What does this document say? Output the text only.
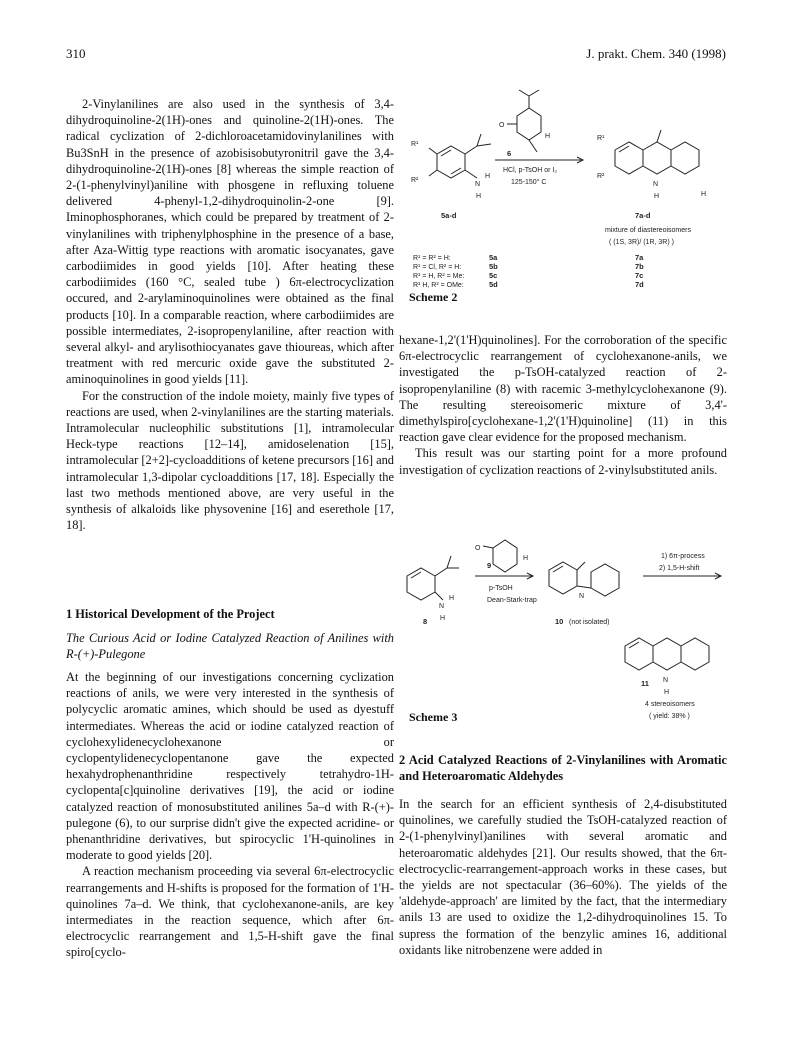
310	J. prakt. Chem. 340 (1998)

2-Vinylanilines are also used in the synthesis of 3,4-dihydroquinoline-2(1H)-ones and quinoline-2(1H)-ones. The radical cyclization of 2-dichloroacetamidovinylanilines with Bu3SnH in the presence of azobisisobutyronitril gave the 3,4-dihydroquinoline-2(1H)-ones [8] whereas the simple reaction of 2-(1-phenylvinyl)aniline with phosgene in refluxing toluene delivered 4-phenyl-1,2-dihydroquinolin-2-one [9]. Iminophosphoranes, which could be prepared by treatment of 2-vinylanilines with triphenylphosphine in the presence of a base, after Aza-Wittig type reactions with aromatic isocyanates, gave carbodiimides in good yields [10]. After heating these carbodiimides (160 °C, sealed tube ) 6π-electrocyclization occured, and 2-arylaminoquinolines were obtained as the final products [10]. In a comparable reaction, where carbodiimides are possible intermediates, 2-isopropenylaniline, after reaction with several alkyl- and arylisothiocyanates gave thioureas, which after treatment with red mercuric oxide gave the substituted 2-aminoquinolines in good yields [11].

For the construction of the indole moiety, mainly five types of reactions are used, when 2-vinylanilines are the starting materials. Intramolecular nucleophilic substitutions [1], intramolecular Heck-type reactions [12–14], amidoselenation [15], intramolecular [2+2]-cycloadditions of ketene precursors [16] and intramolecular 1,3-dipolar cycloadditions [17, 18]. Especially the last two methods mentioned above, are very useful in the synthesis of alkaloids like physovenine [16] and eserethole [17, 18].

1 Historical Development of the Project

The Curious Acid or Iodine Catalyzed Reaction of Anilines with R-(+)-Pulegone

At the beginning of our investigations concerning cyclization reactions of anils, we were very interested in the synthesis of polycyclic aromatic amines, which should be used as dyestuff intermediates. Whereas the acid or iodine catalyzed reaction of cyclohexylidenecyclohexanone or cyclopentylidenecyclopentanone gave the expected hexahydrophenanthridine respectively tetrahydro-1H-cyclopenta[c]quinoline derivatives [19], the acid or iodine catalyzed reaction of monosubstituted anilines 5a–d with R-(+)-pulegone (6), to our surprise didn't give the expected acridine- or phenanthridine derivatives, but spirocyclic 1'H-quinolines in moderate to good yields [20].

A reaction mechanism proceeding via several 6π-electrocyclic rearrangements and H-shifts is proposed for the formation of 1'H-quinolines 7a–d. We think, that cyclohexanone-anils, are key intermediates in the reaction sequence, which after 6π-electrocyclic rearrangement and 1,5-H-shift gave the final spiro[cyclo-

R¹
R²
N
H
H
5a-d
O
H
6
HCl, p-TsOH or I₂
125-150° C
R¹
R²
N
H	H
7a-d
mixture of diastereoisomers
( (1S, 3R)/ (1R, 3R) )
R¹ = R² = H:	5a	7a
R¹ = Cl, R² = H:	5b	7b
R¹ = H, R² = Me:	5c	7c
R¹ H, R² = OMe:	5d	7d
Scheme 2

hexane-1,2'(1'H)quinolines]. For the corroboration of the specific 6π-electrocyclic rearrangement of cyclohexanone-anils, we investigated the p-TsOH-catalyzed reaction of 2-isopropenylaniline (8) with racemic 3-methylcyclohexanone (9). The resulting stereoisomeric mixture of 3,4'-dimethylspiro[cyclohexane-1,2'(1'H)quinoline] (11) in this reaction gave clear evidence for the proposed mechanism.

This result was our starting point for a more profound investigation of cyclization reactions of 2-vinylsubstituted anils.

N
H
H
8
O
H
9
p-TsOH
Dean-Stark-trap
N
10 (not isolated)
1) 6π-process
2) 1,5-H-shift
N
H
11
4 stereoisomers
( yield: 38% )
Scheme 3

2 Acid Catalyzed Reactions of 2-Vinylanilines with Aromatic and Heteroaromatic Aldehydes

In the search for an efficient synthesis of 2,4-disubstituted quinolines, we carefully studied the TsOH-catalyzed reaction of 2-(1-phenylvinyl)anilines with several aromatic and heteroaromatic aldehydes [21]. Our results showed, that the 6π-electrocyclic-rearrangement-approach works in these cases, but the yields are not spectacular (36–60%). The yields of the 'aldehyde-approach' are limited by the fact, that the intermediary anils 13 are used to oxidize the 1,2-dihydroquinolines 15. To supress the formation of the benzylic amines 16, additional oxidants like nitrobenzene were added in
